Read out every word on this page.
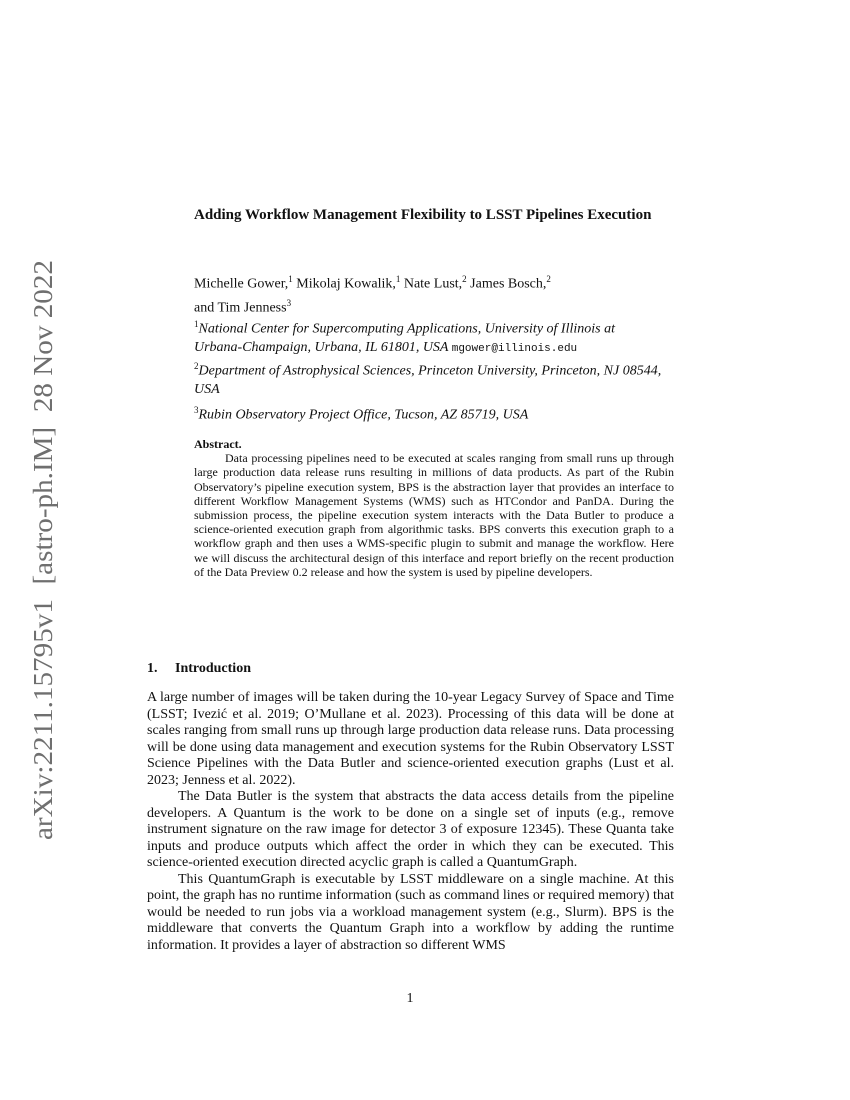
arXiv:2211.15795v1  [astro-ph.IM]  28 Nov 2022
Adding Workflow Management Flexibility to LSST Pipelines Execution
Michelle Gower,$^1$ Mikolaj Kowalik,$^1$ Nate Lust,$^2$ James Bosch,$^2$
and Tim Jenness$^3$
$^1$National Center for Supercomputing Applications, University of Illinois at Urbana-Champaign, Urbana, IL 61801, USA mgower@illinois.edu
$^2$Department of Astrophysical Sciences, Princeton University, Princeton, NJ 08544, USA
$^3$Rubin Observatory Project Office, Tucson, AZ 85719, USA
Abstract.
Data processing pipelines need to be executed at scales ranging from small runs up through large production data release runs resulting in millions of data products. As part of the Rubin Observatory’s pipeline execution system, BPS is the abstraction layer that provides an interface to different Workflow Management Systems (WMS) such as HTCondor and PanDA. During the submission process, the pipeline execution system interacts with the Data Butler to produce a science-oriented execution graph from algorithmic tasks. BPS converts this execution graph to a workflow graph and then uses a WMS-specific plugin to submit and manage the workflow. Here we will discuss the architectural design of this interface and report briefly on the recent production of the Data Preview 0.2 release and how the system is used by pipeline developers.
1. Introduction

A large number of images will be taken during the 10-year Legacy Survey of Space and Time (LSST; Ivezić et al. 2019; O’Mullane et al. 2023). Processing of this data will be done at scales ranging from small runs up through large production data release runs. Data processing will be done using data management and execution systems for the Rubin Observatory LSST Science Pipelines with the Data Butler and science-oriented execution graphs (Lust et al. 2023; Jenness et al. 2022).

The Data Butler is the system that abstracts the data access details from the pipeline developers. A Quantum is the work to be done on a single set of inputs (e.g., remove instrument signature on the raw image for detector 3 of exposure 12345). These Quanta take inputs and produce outputs which affect the order in which they can be executed. This science-oriented execution directed acyclic graph is called a QuantumGraph.

This QuantumGraph is executable by LSST middleware on a single machine. At this point, the graph has no runtime information (such as command lines or required memory) that would be needed to run jobs via a workload management system (e.g., Slurm). BPS is the middleware that converts the Quantum Graph into a workflow by adding the runtime information. It provides a layer of abstraction so different WMS

1
